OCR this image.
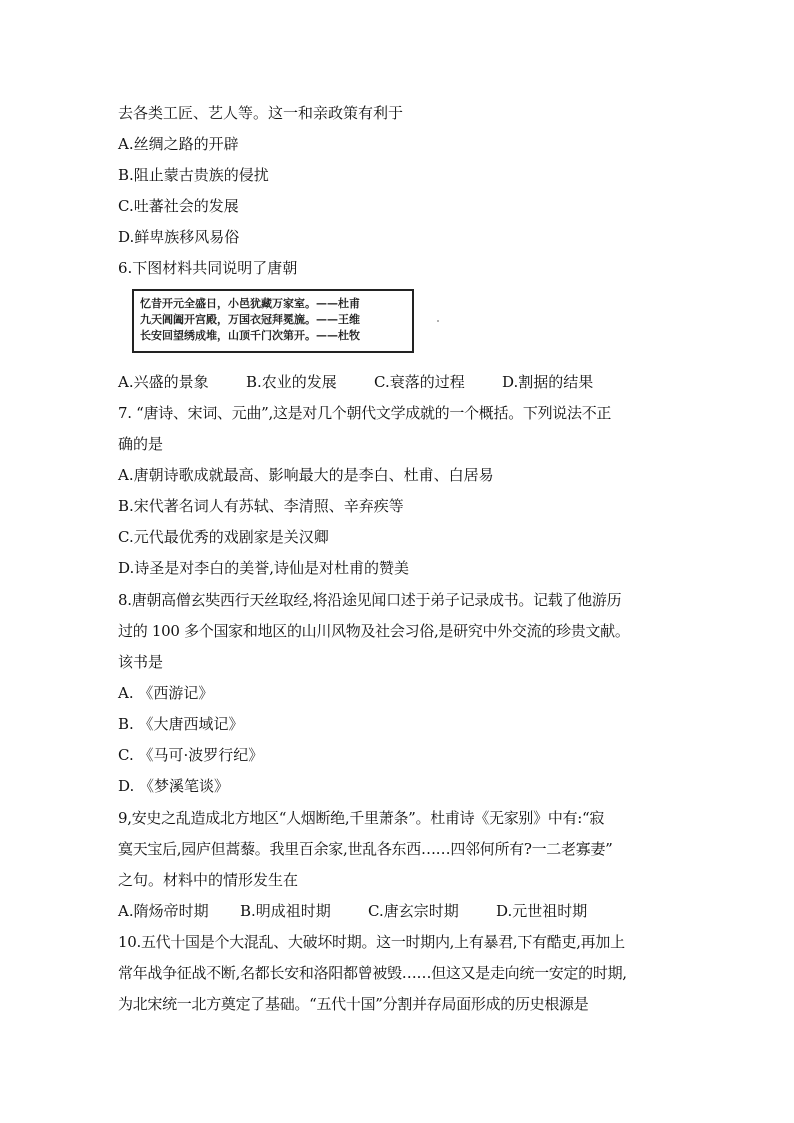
去各类工匠、艺人等。这一和亲政策有利于
A.丝绸之路的开辟
B.阻止蒙古贵族的侵扰
C.吐蕃社会的发展
D.鲜卑族移风易俗
6.下图材料共同说明了唐朝
忆昔开元全盛日，小邑犹藏万家室。——杜甫
九天阊阖开宫殿，万国衣冠拜冕旒。——王维
长安回望绣成堆，山顶千门次第开。——杜牧
A.兴盛的景象 B.农业的发展 C.衰落的过程 D.割据的结果
7. “唐诗、宋词、元曲”,这是对几个朝代文学成就的一个概括。下列说法不正
确的是
A.唐朝诗歌成就最高、影响最大的是李白、杜甫、白居易
B.宋代著名词人有苏轼、李清照、辛弃疾等
C.元代最优秀的戏剧家是关汉卿
D.诗圣是对李白的美誉,诗仙是对杜甫的赞美
8.唐朝高僧玄奘西行天丝取经,将沿途见闻口述于弟子记录成书。记载了他游历
过的 100 多个国家和地区的山川风物及社会习俗,是研究中外交流的珍贵文献。
该书是
A. 《西游记》
B. 《大唐西域记》
C. 《马可·波罗行纪》
D. 《梦溪笔谈》
9,安史之乱造成北方地区“人烟断绝,千里萧条”。杜甫诗《无家别》中有:“寂
寞天宝后,园庐但蒿藜。我里百余家,世乱各东西……四邻何所有?一二老寡妻”
之句。材料中的情形发生在
A.隋炀帝时期 B.明成祖时期 C.唐玄宗时期 D.元世祖时期
10.五代十国是个大混乱、大破坏时期。这一时期内,上有暴君,下有酷吏,再加上
常年战争征战不断,名都长安和洛阳都曾被毁……但这又是走向统一安定的时期,
为北宋统一北方奠定了基础。“五代十国”分割并存局面形成的历史根源是
